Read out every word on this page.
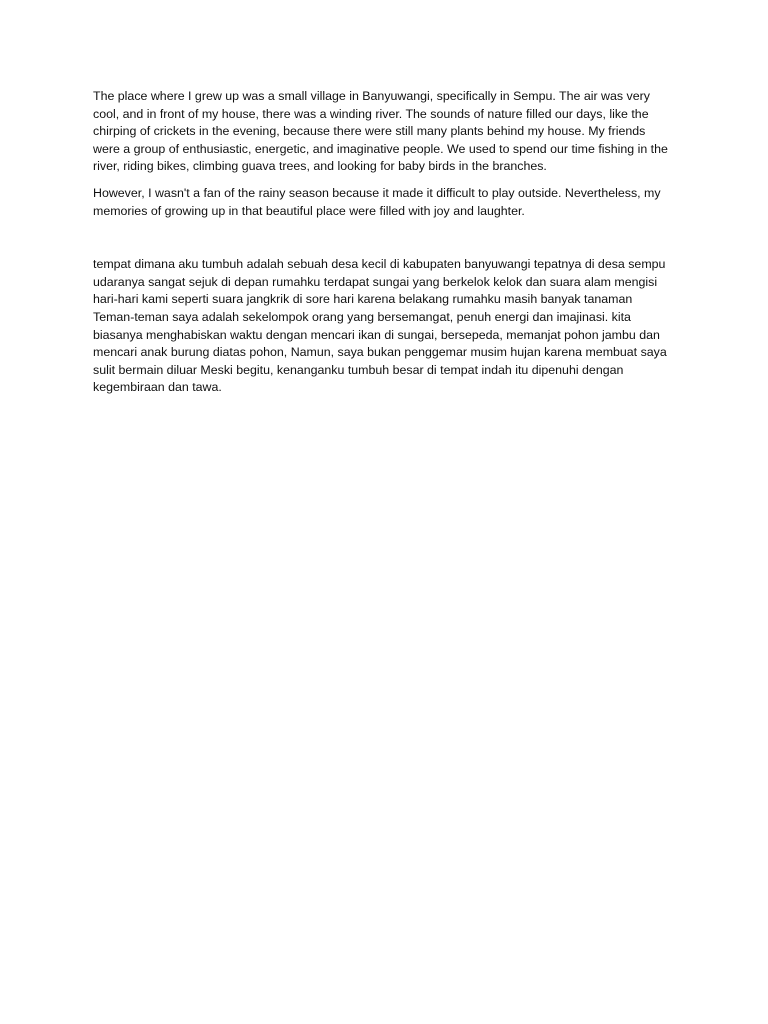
The place where I grew up was a small village in Banyuwangi, specifically in Sempu. The air was very cool, and in front of my house, there was a winding river. The sounds of nature filled our days, like the chirping of crickets in the evening, because there were still many plants behind my house. My friends were a group of enthusiastic, energetic, and imaginative people. We used to spend our time fishing in the river, riding bikes, climbing guava trees, and looking for baby birds in the branches.

However, I wasn't a fan of the rainy season because it made it difficult to play outside. Nevertheless, my memories of growing up in that beautiful place were filled with joy and laughter.

tempat dimana aku tumbuh adalah sebuah desa kecil di kabupaten banyuwangi tepatnya di desa sempu udaranya sangat sejuk di depan rumahku terdapat sungai yang berkelok kelok dan suara alam mengisi hari-hari kami seperti suara jangkrik di sore hari karena belakang rumahku masih banyak tanaman Teman-teman saya adalah sekelompok orang yang bersemangat, penuh energi dan imajinasi. kita biasanya menghabiskan waktu dengan mencari ikan di sungai, bersepeda, memanjat pohon jambu dan mencari anak burung diatas pohon, Namun, saya bukan penggemar musim hujan karena membuat saya sulit bermain diluar Meski begitu, kenanganku tumbuh besar di tempat indah itu dipenuhi dengan kegembiraan dan tawa.
